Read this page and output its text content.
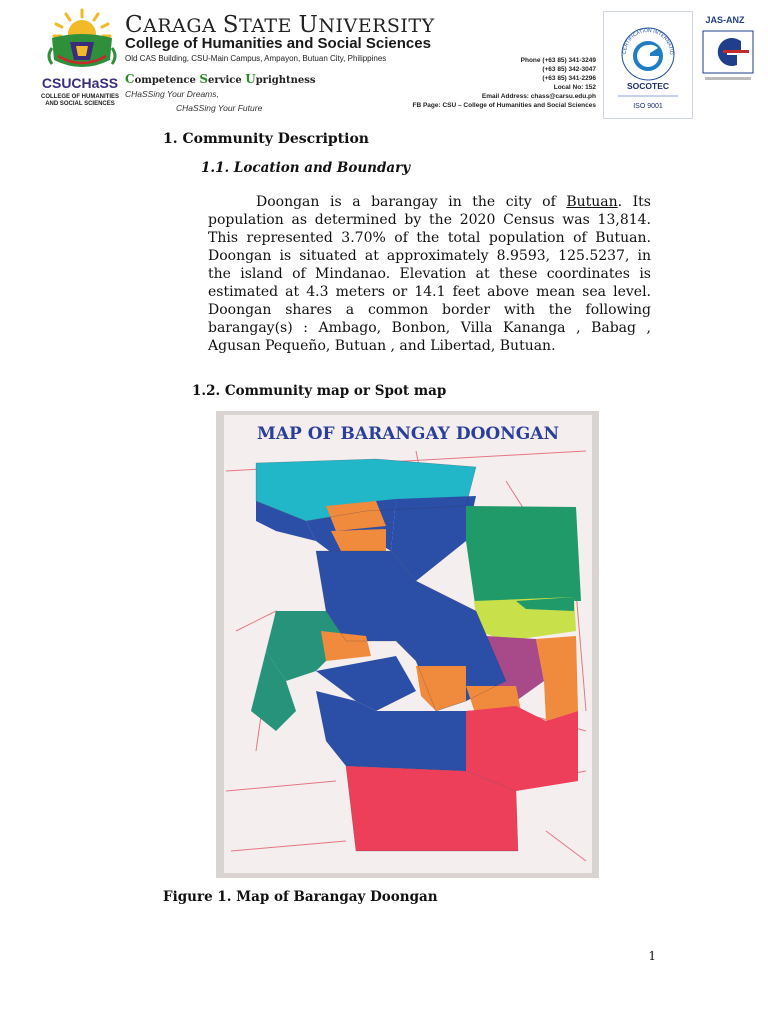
CSUCHaSS
COLLEGE OF HUMANITIES
AND SOCIAL SCIENCES
CARAGA STATE UNIVERSITY
College of Humanities and Social Sciences
Old CAS Building, CSU-Main Campus, Ampayon, Butuan City, Philippines
Competence Service Uprightness
CHaSSing Your Dreams,
CHaSSing Your Future
Phone (+63 85) 341-3249
(+63 85) 342-3047
(+63 85) 341-2296
Local No: 152
Email Address: chass@carsu.edu.ph
FB Page: CSU – College of Humanities and Social Sciences
CERTIFICATION INTERNATIO
SOCOTEC
ISO 9001
JAS-ANZ
1. Community Description
1.1. Location and Boundary

Doongan is a barangay in the city of Butuan. Its population as determined by the 2020 Census was 13,814. This represented 3.70% of the total population of Butuan. Doongan is situated at approximately 8.9593, 125.5237, in the island of Mindanao. Elevation at these coordinates is estimated at 4.3 meters or 14.1 feet above mean sea level. Doongan shares a common border with the following barangay(s) : Ambago, Bonbon, Villa Kananga , Babag , Agusan Pequeño, Butuan , and Libertad, Butuan.

1.2. Community map or Spot map
MAP OF BARANGAY DOONGAN
Figure 1. Map of Barangay Doongan
1
